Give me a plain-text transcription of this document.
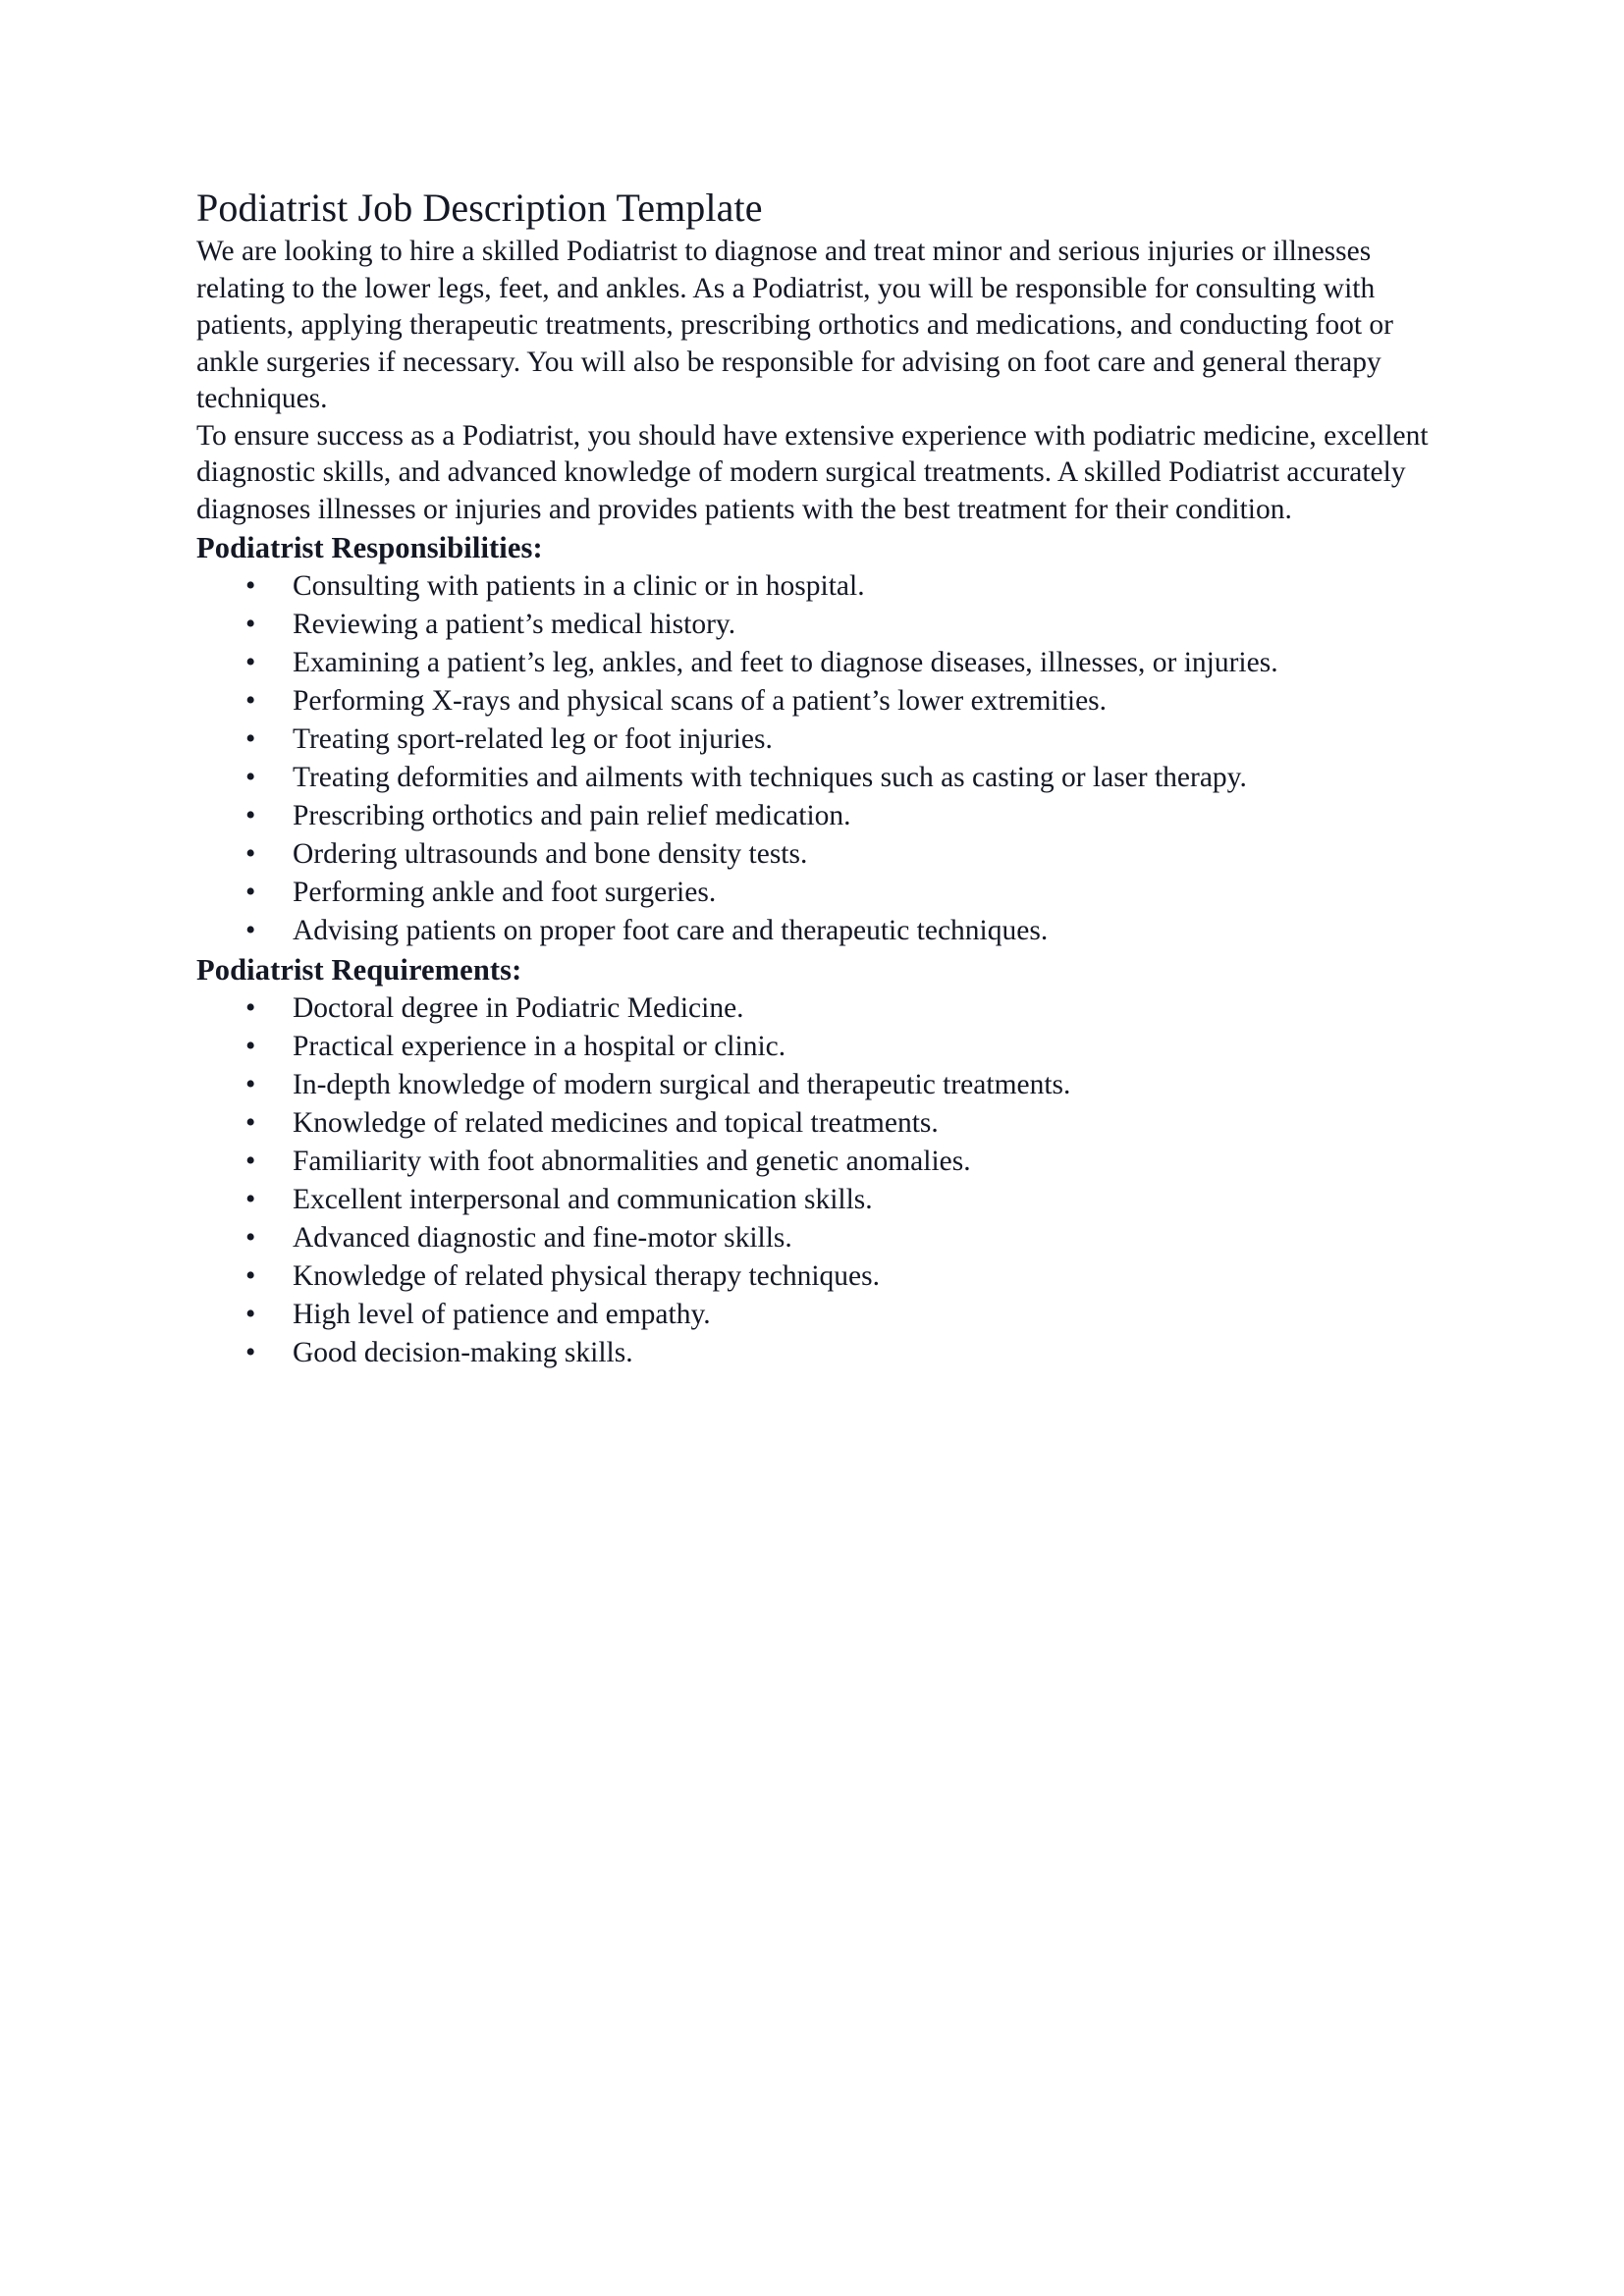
Podiatrist Job Description Template

We are looking to hire a skilled Podiatrist to diagnose and treat minor and serious injuries or illnesses relating to the lower legs, feet, and ankles. As a Podiatrist, you will be responsible for consulting with patients, applying therapeutic treatments, prescribing orthotics and medications, and conducting foot or ankle surgeries if necessary. You will also be responsible for advising on foot care and general therapy techniques.

To ensure success as a Podiatrist, you should have extensive experience with podiatric medicine, excellent diagnostic skills, and advanced knowledge of modern surgical treatments. A skilled Podiatrist accurately diagnoses illnesses or injuries and provides patients with the best treatment for their condition.

Podiatrist Responsibilities:
• Consulting with patients in a clinic or in hospital.
• Reviewing a patient’s medical history.
• Examining a patient’s leg, ankles, and feet to diagnose diseases, illnesses, or injuries.
• Performing X-rays and physical scans of a patient’s lower extremities.
• Treating sport-related leg or foot injuries.
• Treating deformities and ailments with techniques such as casting or laser therapy.
• Prescribing orthotics and pain relief medication.
• Ordering ultrasounds and bone density tests.
• Performing ankle and foot surgeries.
• Advising patients on proper foot care and therapeutic techniques.
Podiatrist Requirements:
• Doctoral degree in Podiatric Medicine.
• Practical experience in a hospital or clinic.
• In-depth knowledge of modern surgical and therapeutic treatments.
• Knowledge of related medicines and topical treatments.
• Familiarity with foot abnormalities and genetic anomalies.
• Excellent interpersonal and communication skills.
• Advanced diagnostic and fine-motor skills.
• Knowledge of related physical therapy techniques.
• High level of patience and empathy.
• Good decision-making skills.
